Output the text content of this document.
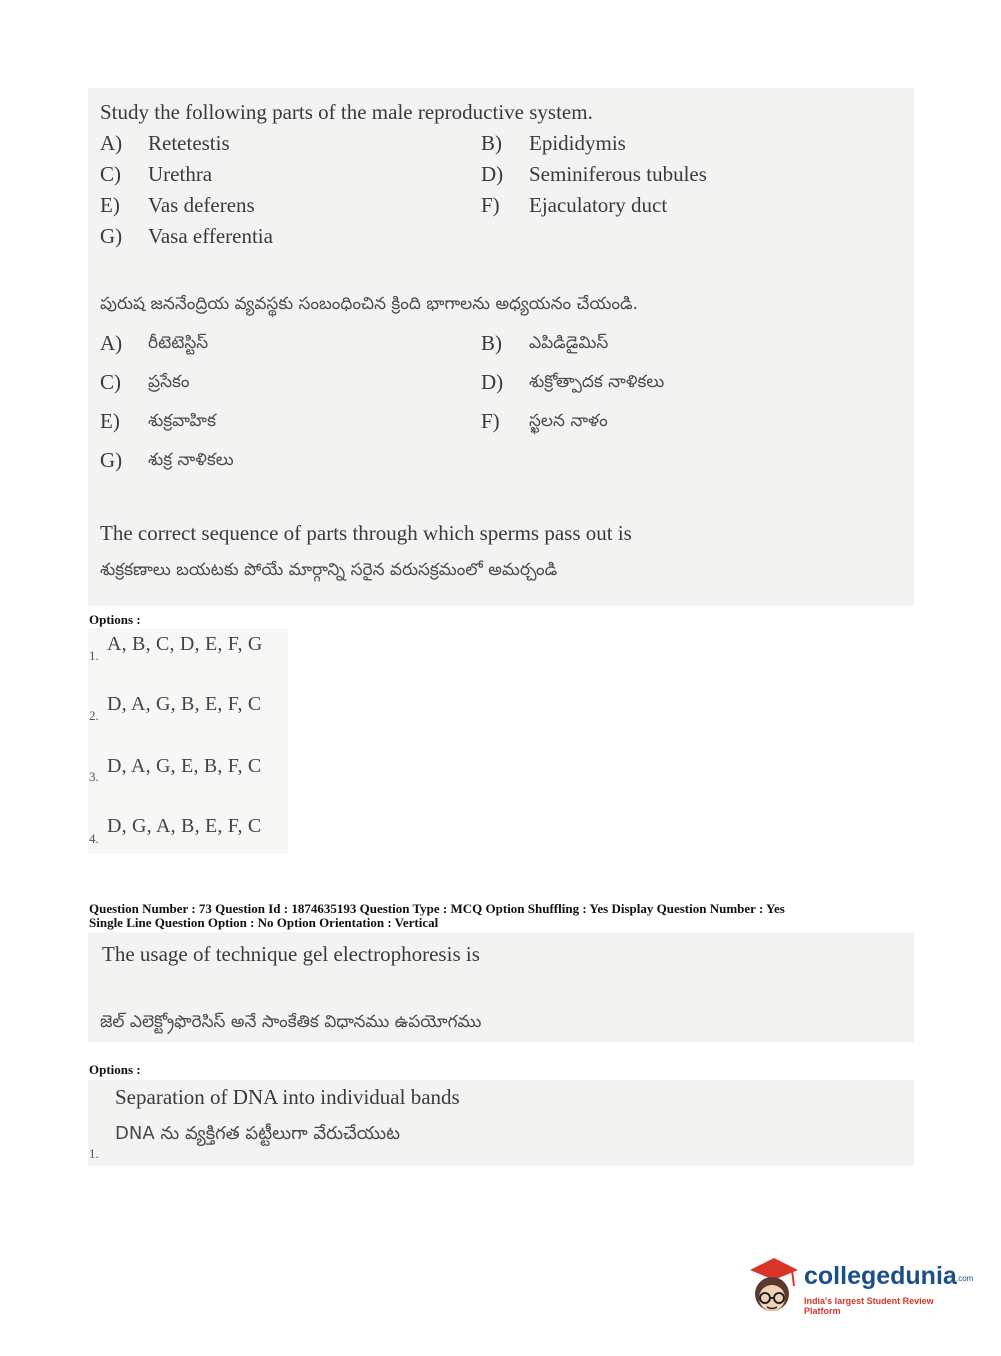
Study the following parts of the male reproductive system.
A) Retetestis	B) Epididymis
C) Urethra	D) Seminiferous tubules
E) Vas deferens	F) Ejaculatory duct
G) Vasa efferentia
పురుష జననేంద్రియ వ్యవస్థకు సంబంధించిన క్రింది భాగాలను అధ్యయనం చేయండి.
A) రీటెటెస్టిస్	B) ఎపిడిడైమిస్
C) ప్రసేకం	D) శుక్రోత్పాదక నాళికలు
E) శుక్రవాహిక	F) స్ఖలన నాళం
G) శుక్ర నాళికలు
The correct sequence of parts through which sperms pass out is
శుక్రకణాలు బయటకు పోయే మార్గాన్ని సరైన వరుసక్రమంలో అమర్చండి
Options :
1.
A, B, C, D, E, F, G
2.
D, A, G, B, E, F, C
3. D, A, G, E, B, F, C
4.
D, G, A, B, E, F, C
Question Number : 73 Question Id : 1874635193 Question Type : MCQ Option Shuffling : Yes Display Question Number : Yes
Single Line Question Option : No Option Orientation : Vertical
The usage of technique gel electrophoresis is
జెల్ ఎలెక్ట్రోఫొరెసిస్ అనే సాంకేతిక విధానము ఉపయోగము
Options :
Separation of DNA into individual bands
DNA ను వ్యక్తిగత పట్టీలుగా వేరుచేయుట
1.
collegedunia .com
India's largest Student Review Platform
